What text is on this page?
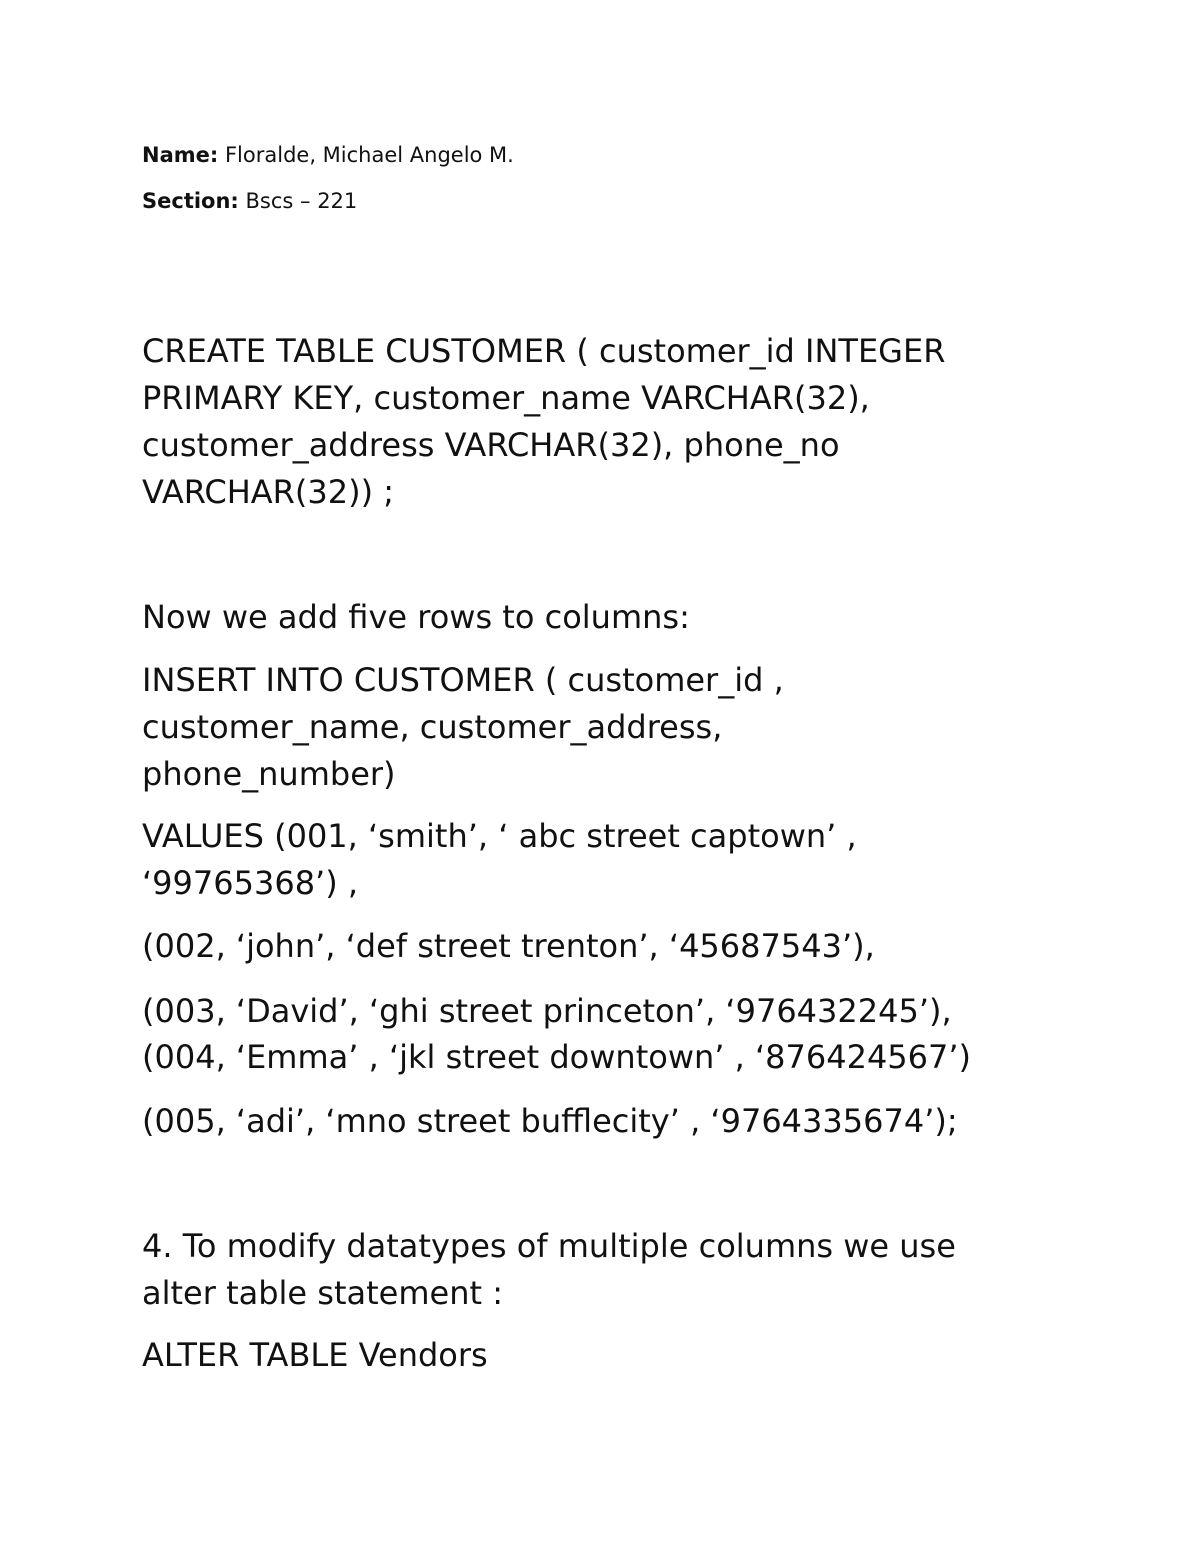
Name: Floralde, Michael Angelo M.
Section: Bscs – 221
CREATE TABLE CUSTOMER ( customer_id INTEGER
PRIMARY KEY, customer_name VARCHAR(32),
customer_address VARCHAR(32), phone_no
VARCHAR(32)) ;
Now we add five rows to columns:
INSERT INTO CUSTOMER ( customer_id ,
customer_name, customer_address,
phone_number)
VALUES (001, ‘smith’, ‘ abc street captown’ ,
‘99765368’) ,
(002, ‘john’, ‘def street trenton’, ‘45687543’),
(003, ‘David’, ‘ghi street princeton’, ‘976432245’),
(004, ‘Emma’ , ‘jkl street downtown’ , ‘876424567’)
(005, ‘adi’, ‘mno street bufflecity’ , ‘9764335674’);
4. To modify datatypes of multiple columns we use
alter table statement :
ALTER TABLE Vendors
